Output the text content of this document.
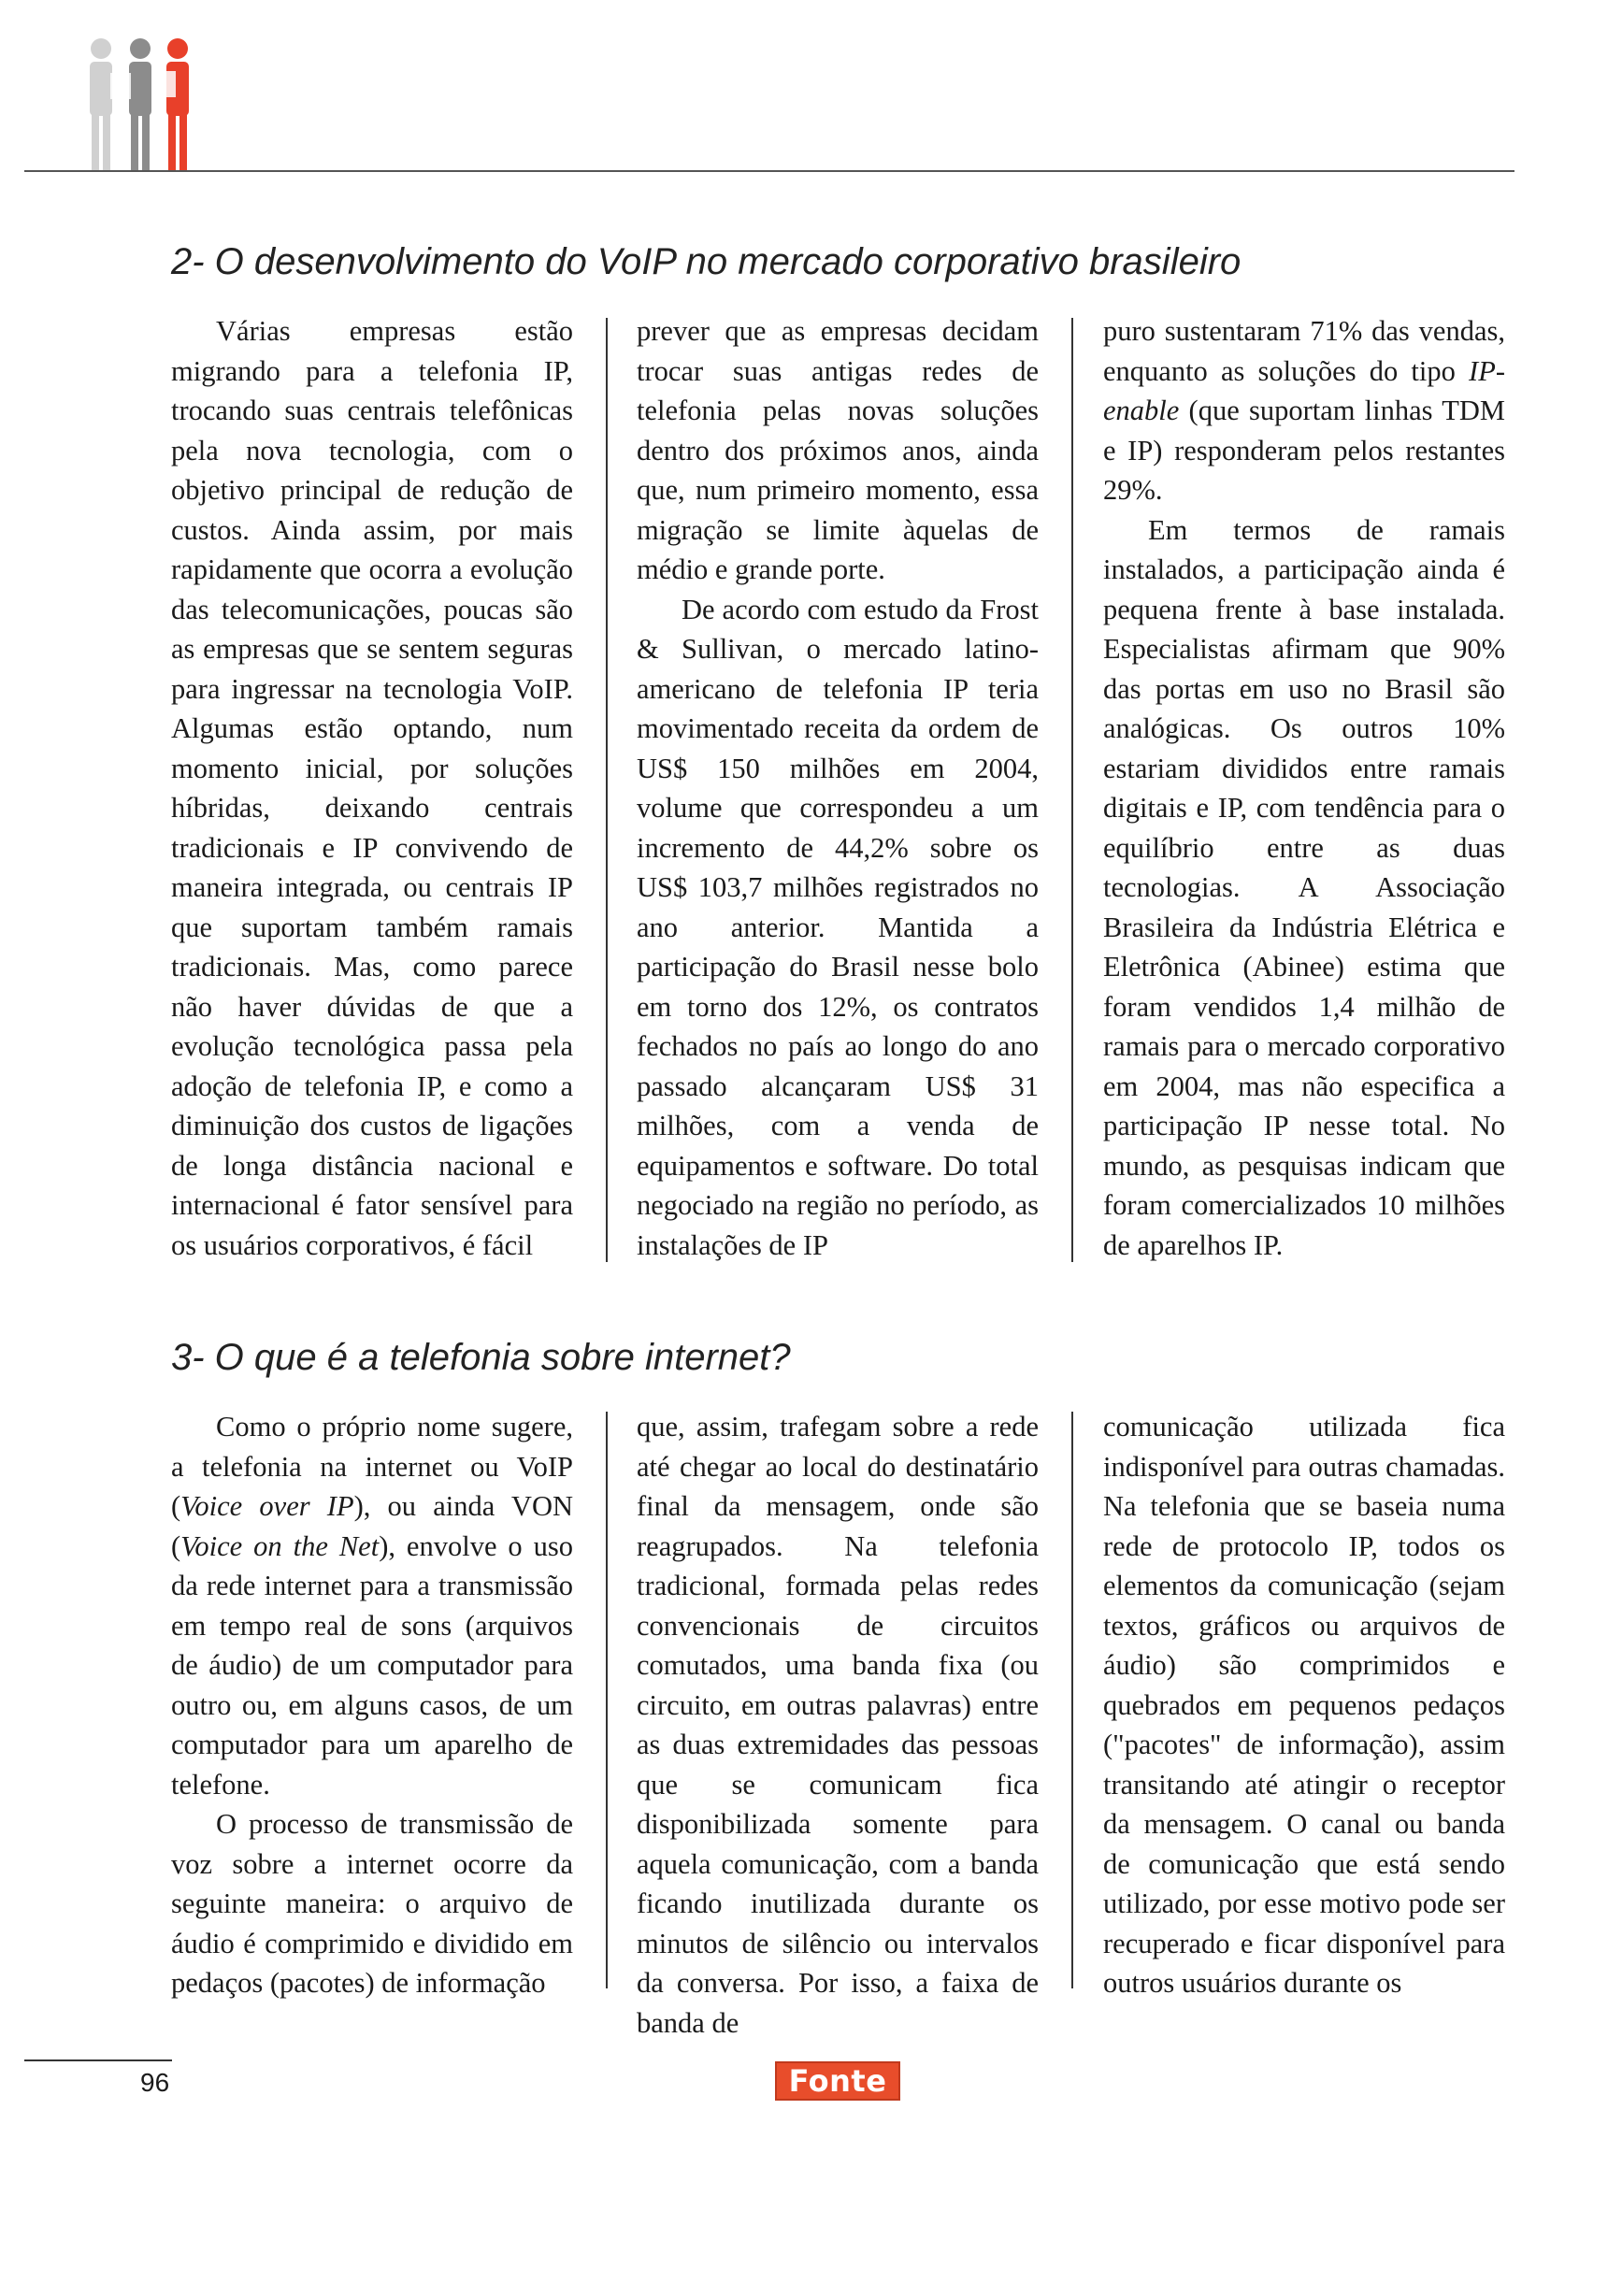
2- O desenvolvimento do VoIP no mercado corporativo brasileiro

Várias empresas estão migrando para a telefonia IP, trocando suas centrais telefônicas pela nova tecnologia, com o objetivo principal de redução de custos. Ainda assim, por mais rapidamente que ocorra a evolução das telecomunicações, poucas são as empresas que se sentem seguras para ingressar na tecnologia VoIP. Algumas estão optando, num momento inicial, por soluções híbridas, deixando centrais tradicionais e IP convivendo de maneira integrada, ou centrais IP que suportam também ramais tradicionais. Mas, como parece não haver dúvidas de que a evolução tecnológica passa pela adoção de telefonia IP, e como a diminuição dos custos de ligações de longa distância nacional e internacional é fator sensível para os usuários corporativos, é fácil

prever que as empresas decidam trocar suas antigas redes de telefonia pelas novas soluções dentro dos próximos anos, ainda que, num primeiro momento, essa migração se limite àquelas de médio e grande porte.

De acordo com estudo da Frost & Sullivan, o mercado latino-americano de telefonia IP teria movimentado receita da ordem de US$ 150 milhões em 2004, volume que correspondeu a um incremento de 44,2% sobre os US$ 103,7 milhões registrados no ano anterior. Mantida a participação do Brasil nesse bolo em torno dos 12%, os contratos fechados no país ao longo do ano passado alcançaram US$ 31 milhões, com a venda de equipamentos e software. Do total negociado na região no período, as instalações de IP

puro sustentaram 71% das vendas, enquanto as soluções do tipo IP-enable (que suportam linhas TDM e IP) responderam pelos restantes 29%.

Em termos de ramais instalados, a participação ainda é pequena frente à base instalada. Especialistas afirmam que 90% das portas em uso no Brasil são analógicas. Os outros 10% estariam divididos entre ramais digitais e IP, com tendência para o equilíbrio entre as duas tecnologias. A Associação Brasileira da Indústria Elétrica e Eletrônica (Abinee) estima que foram vendidos 1,4 milhão de ramais para o mercado corporativo em 2004, mas não especifica a participação IP nesse total. No mundo, as pesquisas indicam que foram comercializados 10 milhões de aparelhos IP.

3- O que é a telefonia sobre internet?

Como o próprio nome sugere, a telefonia na internet ou VoIP (Voice over IP), ou ainda VON (Voice on the Net), envolve o uso da rede internet para a transmissão em tempo real de sons (arquivos de áudio) de um computador para outro ou, em alguns casos, de um computador para um aparelho de telefone.

O processo de transmissão de voz sobre a internet ocorre da seguinte maneira: o arquivo de áudio é comprimido e dividido em pedaços (pacotes) de informação

que, assim, trafegam sobre a rede até chegar ao local do destinatário final da mensagem, onde são reagrupados. Na telefonia tradicional, formada pelas redes convencionais de circuitos comutados, uma banda fixa (ou circuito, em outras palavras) entre as duas extremidades das pessoas que se comunicam fica disponibilizada somente para aquela comunicação, com a banda ficando inutilizada durante os minutos de silêncio ou intervalos da conversa. Por isso, a faixa de banda de

comunicação utilizada fica indisponível para outras chamadas. Na telefonia que se baseia numa rede de protocolo IP, todos os elementos da comunicação (sejam textos, gráficos ou arquivos de áudio) são comprimidos e quebrados em pequenos pedaços ("pacotes" de informação), assim transitando até atingir o receptor da mensagem. O canal ou banda de comunicação que está sendo utilizado, por esse motivo pode ser recuperado e ficar disponível para outros usuários durante os

96	Fonte
